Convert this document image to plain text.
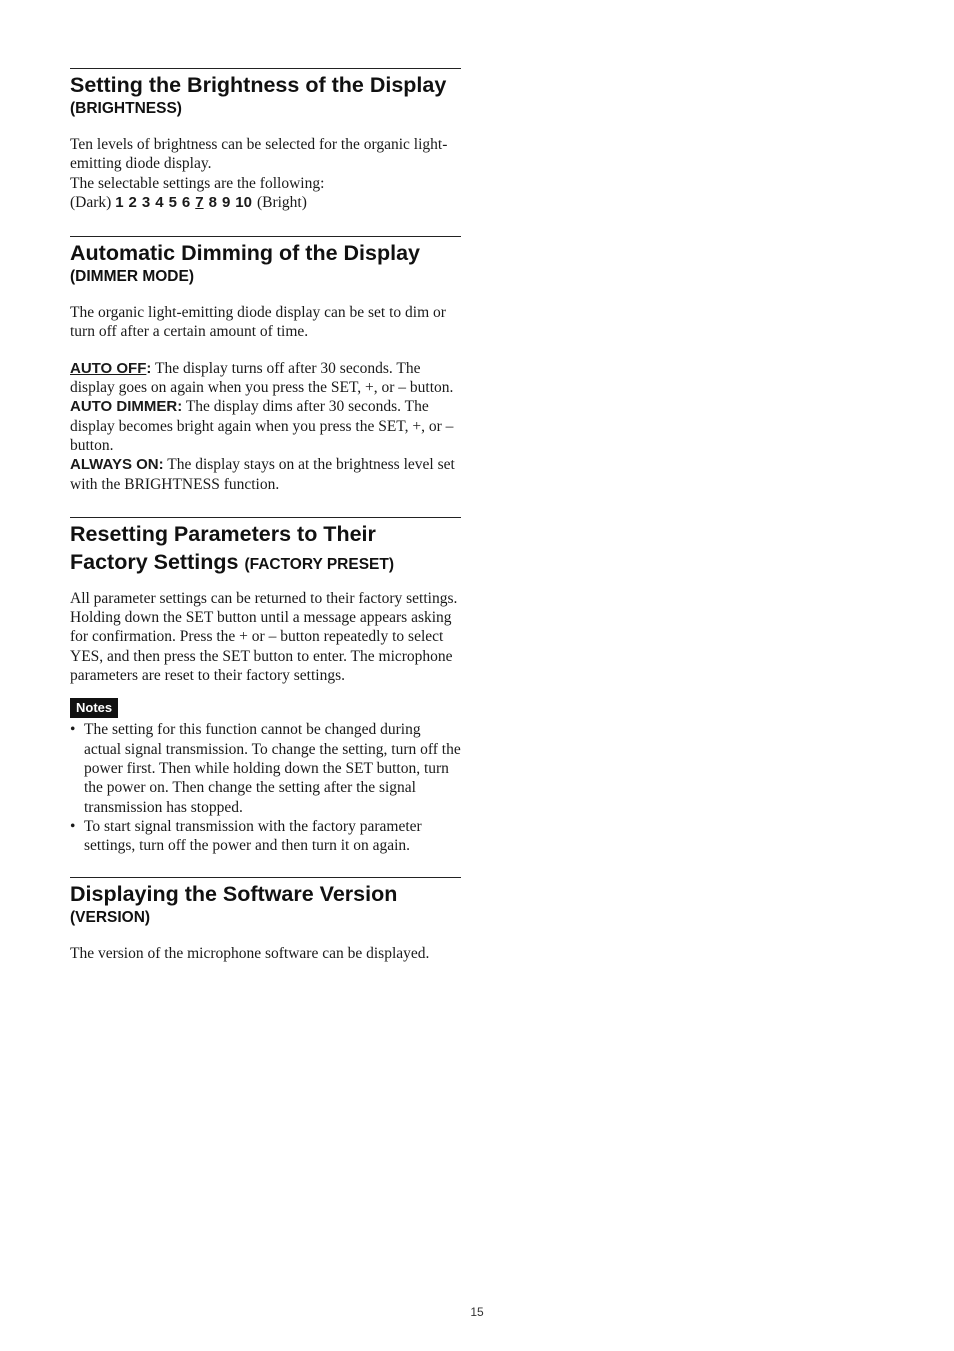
Setting the Brightness of the Display
(BRIGHTNESS)

Ten levels of brightness can be selected for the organic light-emitting diode display.

The selectable settings are the following:

(Dark) 1 2 3 4 5 6 7 8 9 10 (Bright)

Automatic Dimming of the Display
(DIMMER MODE)

The organic light-emitting diode display can be set to dim or turn off after a certain amount of time.

AUTO OFF: The display turns off after 30 seconds. The display goes on again when you press the SET, +, or – button.

AUTO DIMMER: The display dims after 30 seconds. The display becomes bright again when you press the SET, +, or – button.

ALWAYS ON: The display stays on at the brightness level set with the BRIGHTNESS function.

Resetting Parameters to Their
Factory Settings (FACTORY PRESET)

All parameter settings can be returned to their factory settings.

Holding down the SET button until a message appears asking for confirmation. Press the + or – button repeatedly to select YES, and then press the SET button to enter. The microphone parameters are reset to their factory settings.

Notes
• The setting for this function cannot be changed during actual signal transmission. To change the setting, turn off the power first. Then while holding down the SET button, turn the power on. Then change the setting after the signal transmission has stopped.
• To start signal transmission with the factory parameter settings, turn off the power and then turn it on again.
Displaying the Software Version
(VERSION)

The version of the microphone software can be displayed.

15
